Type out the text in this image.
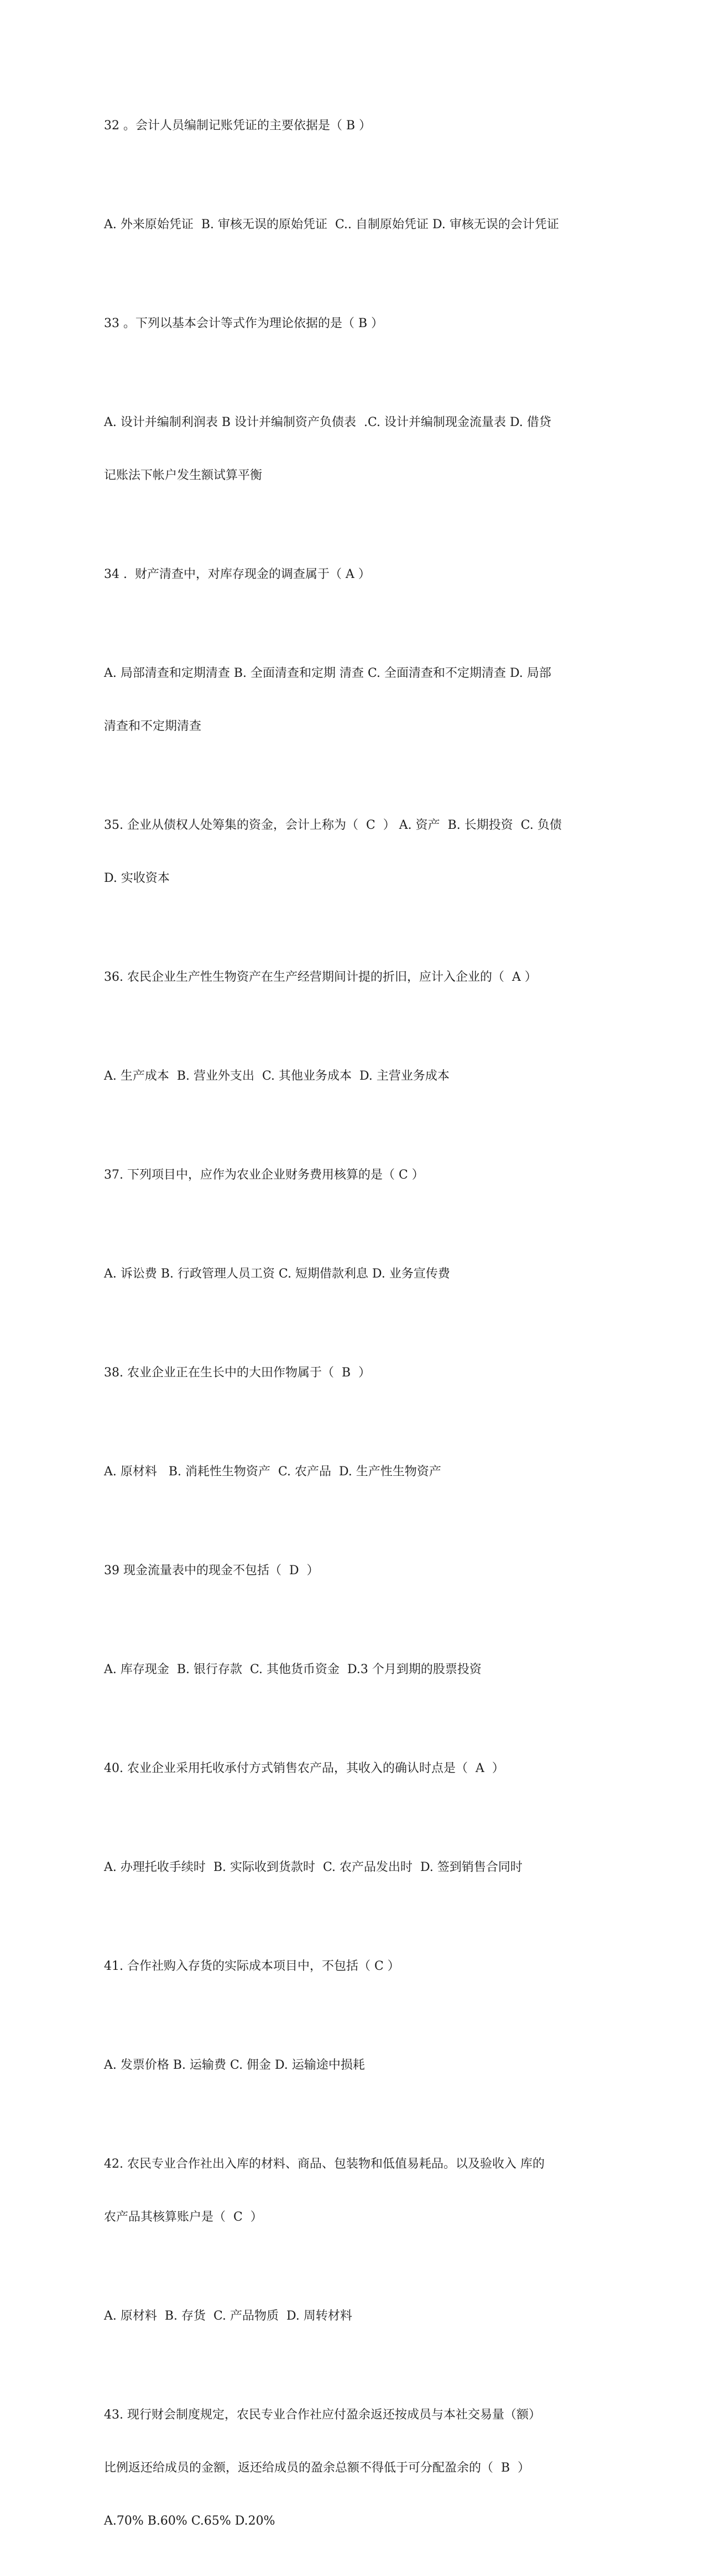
32 。会计人员编制记账凭证的主要依据是（ B ）

A. 外来原始凭证  B. 审核无误的原始凭证  C.. 自制原始凭证 D. 审核无误的会计凭证

33 。下列以基本会计等式作为理论依据的是（ B ）

A. 设计并编制利润表 B 设计并编制资产负债表  .C. 设计并编制现金流量表 D. 借贷

记账法下帐户发生额试算平衡

34 .  财产清查中，对库存现金的调查属于（ A ）

A. 局部清查和定期清查 B. 全面清查和定期 清查 C. 全面清查和不定期清查 D. 局部

清查和不定期清查

35. 企业从债权人处筹集的资金，会计上称为（  C  ） A. 资产  B. 长期投资  C. 负债

D. 实收资本

36. 农民企业生产性生物资产在生产经营期间计提的折旧，应计入企业的（  A ）

A. 生产成本  B. 营业外支出  C. 其他业务成本  D. 主营业务成本

37. 下列项目中，应作为农业企业财务费用核算的是（ C ）

A. 诉讼费 B. 行政管理人员工资 C. 短期借款利息 D. 业务宣传费

38. 农业企业正在生长中的大田作物属于（  B  ）

A. 原材料   B. 消耗性生物资产  C. 农产品  D. 生产性生物资产

39 现金流量表中的现金不包括（  D  ）

A. 库存现金  B. 银行存款  C. 其他货币资金  D.3 个月到期的股票投资

40. 农业企业采用托收承付方式销售农产品，其收入的确认时点是（  A  ）

A. 办理托收手续时  B. 实际收到货款时  C. 农产品发出时  D. 签到销售合同时

41. 合作社购入存货的实际成本项目中，不包括（ C ）

A. 发票价格 B. 运输费 C. 佣金 D. 运输途中损耗

42. 农民专业合作社出入库的材料、商品、包装物和低值易耗品。以及验收入 库的

农产品其核算账户是（  C  ）

A. 原材料  B. 存货  C. 产品物质  D. 周转材料

43. 现行财会制度规定，农民专业合作社应付盈余返还按成员与本社交易量（额）

比例返还给成员的金额，返还给成员的盈余总额不得低于可分配盈余的（  B  ）

A.70% B.60% C.65% D.20%
